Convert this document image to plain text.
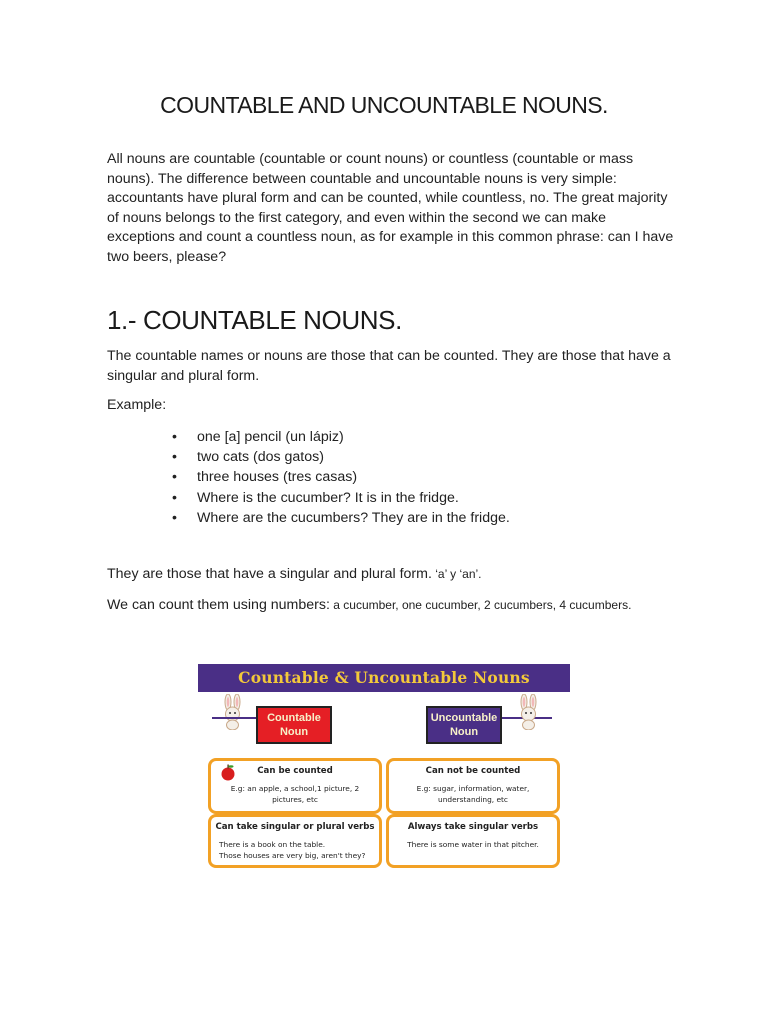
COUNTABLE AND UNCOUNTABLE NOUNS.

All nouns are countable (countable or count nouns) or countless (countable or mass nouns). The difference between countable and uncountable nouns is very simple: accountants have plural form and can be counted, while countless, no. The great majority of nouns belongs to the first category, and even within the second we can make exceptions and count a countless noun, as for example in this common phrase: can I have two beers, please?

1.- COUNTABLE NOUNS.

The countable names or nouns are those that can be counted. They are those that have a singular and plural form.

Example:

• one [a] pencil (un lápiz)
• two cats (dos gatos)
• three houses (tres casas)
• Where is the cucumber? It is in the fridge.
• Where are the cucumbers? They are in the fridge.

They are those that have a singular and plural form. ‘a’ y ‘an’.

We can count them using numbers: a cucumber, one cucumber, 2 cucumbers, 4 cucumbers.

Countable & Uncountable Nouns
Countable
Noun
Uncountable
Noun
Can be counted
E.g: an apple, a school,1 picture, 2 pictures, etc
Can not be counted
E.g: sugar, information, water, understanding, etc
Can take singular or plural verbs
There is a book on the table.
Those houses are very big, aren't they?
Always take singular verbs
There is some water in that pitcher.
